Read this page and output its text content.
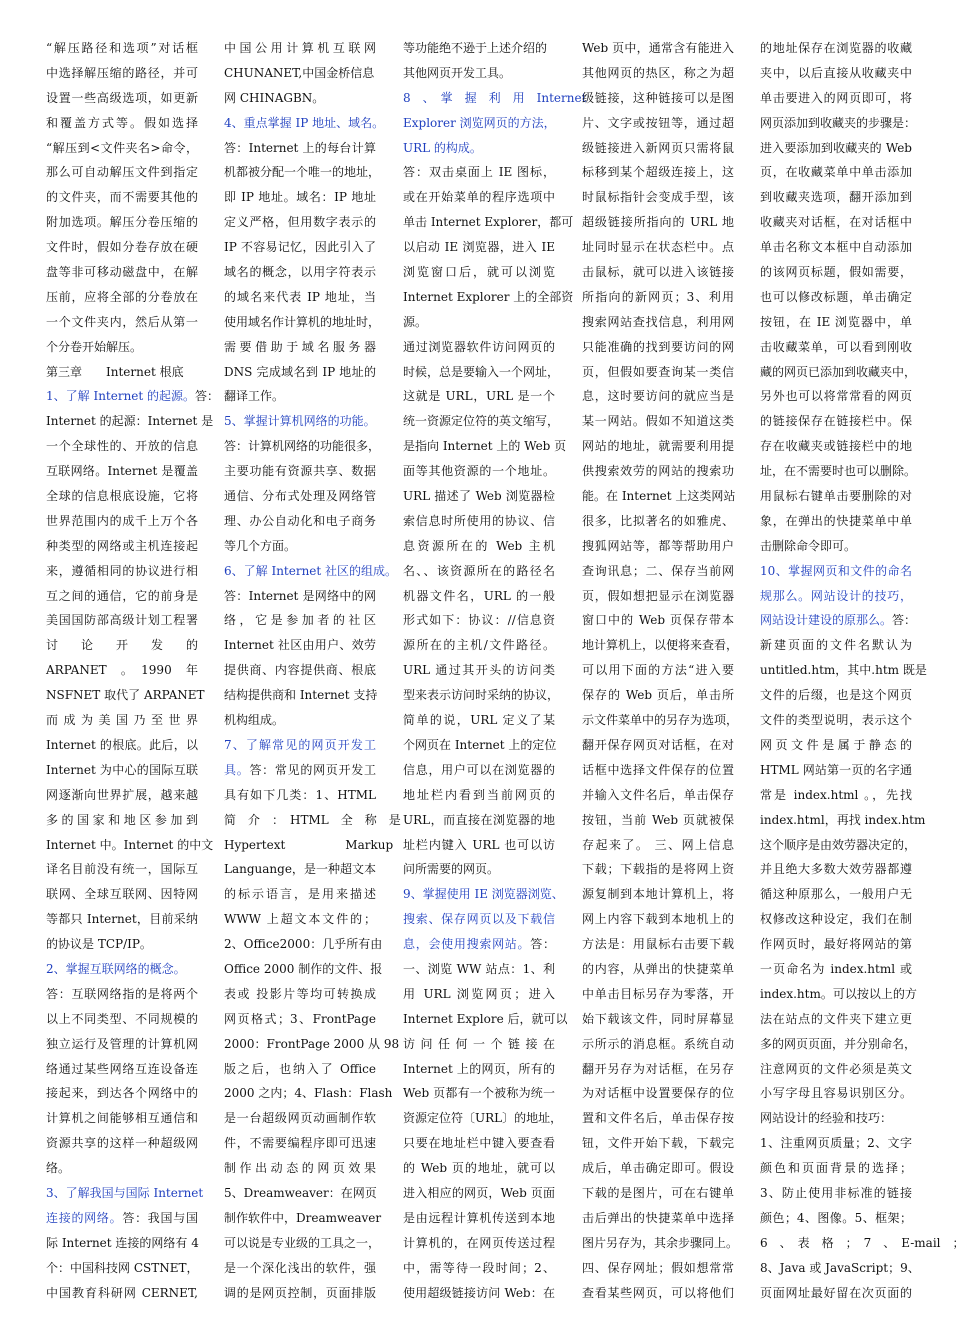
“解压路径和选项”对话框
中选择解压缩的路径，并可
设置一些高级选项，如更新
和覆盖方式等。假如选择
“解压到<文件夹名>命令，
那么可自动解压文件到指定
的文件夹，而不需要其他的
附加选项。解压分卷压缩的
文件时，假如分卷存放在硬
盘等非可移动磁盘中，在解
压前，应将全部的分卷放在
一个文件夹内，然后从第一
个分卷开始解压。
第三章　　Internet 根底
1、了解 Internet 的起源。答：
Internet 的起源：Internet 是
一个全球性的、开放的信息
互联网络。Internet 是覆盖
全球的信息根底设施，它将
世界范围内的成千上万个各
种类型的网络或主机连接起
来，遵循相同的协议进行相
互之间的通信，它的前身是
美国国防部高级计划工程署
讨　论　开　发　的
ARPANET　。　1990　年
NSFNET 取代了 ARPANET
而 成 为 美 国 乃 至 世 界
Internet 的根底。此后，以
Internet 为中心的国际互联
网逐渐向世界扩展，越来越
多的国家和地区参加到
Internet 中。Internet 的中文
译名目前没有统一，国际互
联网、全球互联网、因特网
等都只 Internet，目前采纳
的协议是 TCP/IP。
2、掌握互联网络的概念。
答：互联网络指的是将两个
以上不同类型、不同规模的
独立运行及管理的计算机网
络通过某些网络互连设备连
接起来，到达各个网络中的
计算机之间能够相互通信和
资源共享的这样一种超级网
络。
3、了解我国与国际 Internet
连接的网络。答：我国与国
际 Internet 连接的网络有 4
个：中国科技网 CSTNET，
中国教育科研网 CERNET,
中国公用计算机互联网
CHUNANET,中国金桥信息
网 CHINAGBN。
4、重点掌握 IP 地址、域名。
答：Internet 上的每台计算
机都被分配一个唯一的地址，
即 IP 地址。域名：IP 地址
定义严格，但用数字表示的
IP 不容易记忆，因此引入了
域名的概念，以用字符表示
的域名来代表 IP 地址，当
使用域名作计算机的地址时，
需要借助于域名服务器
DNS 完成域名到 IP 地址的
翻译工作。
5、掌握计算机网络的功能。
答：计算机网络的功能很多，
主要功能有资源共享、数据
通信、分布式处理及网络管
理、办公自动化和电子商务
等几个方面。
6、了解 Internet 社区的组成。
答：Internet 是网络中的网
络，它是参加者的社区
Internet 社区由用户、效劳
提供商、内容提供商、根底
结构提供商和 Internet 支持
机构组成。
7、了解常见的网页开发工
具。答：常见的网页开发工
具有如下几类：1、HTML
简　介　：　HTML　全　称　是
Hypertext　　　　　Markup
Languange，是一种超文本
的标示语言，是用来描述
WWW 上超文本文件的；
2、Office2000：几乎所有由
Office 2000 制作的文件、报
表或 投影片等均可转换成
网页格式；3、FrontPage
2000：FrontPage 2000 从 98
版之后，也纳入了 Office
2000 之内；4、Flash：Flash
是一台超级网页动画制作软
件，不需要编程序即可迅速
制作出动态的网页效果
5、Dreamweaver：在网页
制作软件中，Dreamweaver
可以说是专业级的工具之一，
是一个深化浅出的软件，强
调的是网页控制，页面排版
等功能绝不逊于上述介绍的
其他网页开发工具。
8　、　掌　握　利　用　Internet
Explorer 浏览网页的方法，
URL 的构成。
答：双击桌面上 IE 图标，
或在开始菜单的程序选项中
单击 Internet Explorer，都可
以启动 IE 浏览器，进入 IE
浏览窗口后，就可以浏览
Internet Explorer 上的全部资
源。
通过浏览器软件访问网页的
时候，总是要输入一个网址，
这就是 URL，URL 是一个
统一资源定位符的英文缩写，
是指向 Internet 上的 Web 页
面等其他资源的一个地址。
URL 描述了 Web 浏览器检
索信息时所使用的协议、信
息资源所在的 Web 主机
名、、该资源所在的路径名
机器文件名，URL 的一般
形式如下：协议：//信息资
源所在的主机/文件路径。
URL 通过其开头的访问类
型来表示访问时采纳的协议，
简单的说，URL 定义了某
个网页在 Internet 上的定位
信息，用户可以在浏览器的
地址栏内看到当前网页的
URL，而直接在浏览器的地
址栏内键入 URL 也可以访
问所需要的网页。
9、掌握使用 IE 浏览器浏览、
搜索、保存网页以及下载信
息，会使用搜索网站。答：
一、浏览 WW 站点：1、利
用 URL 浏览网页；进入
Internet Explore 后，就可以
访问任何一个链接在
Internet 上的网页，所有的
Web 页都有一个被称为统一
资源定位符〔URL〕的地址，
只要在地址栏中键入要查看
的 Web 页的地址，就可以
进入相应的网页，Web 页面
是由远程计算机传送到本地
计算机的，在网页传送过程
中，需等待一段时间；2、
使用超级链接访问 Web：在
Web 页中，通常含有能进入
其他网页的热区，称之为超
级链接，这种链接可以是图
片、文字或按钮等，通过超
级链接进入新网页只需将鼠
标移到某个超级连接上，这
时鼠标指针会变成手型，该
超级链接所指向的 URL 地
址同时显示在状态栏中。点
击鼠标，就可以进入该链接
所指向的新网页；3、利用
搜索网站查找信息，利用网
只能准确的找到要访问的网
页，但假如要查询某一类信
息，这时要访问的就应当是
某一网站。假如不知道这类
网站的地址，就需要利用提
供搜索效劳的网站的搜索功
能。在 Internet 上这类网站
很多，比拟著名的如雅虎、
搜狐网站等，都等帮助用户
查询讯息；二、保存当前网
页，假如想把显示在浏览器
窗口中的 Web 页保存带本
地计算机上，以便将来查看，
可以用下面的方法“进入要
保存的 Web 页后，单击所
示文件菜单中的另存为选项，
翻开保存网页对话框，在对
话框中选择文件保存的位置
并输入文件名后，单击保存
按钮，当前 Web 页就被保
存起来了。 三、网上信息
下载；下载指的是将网上资
源复制到本地计算机上，将
网上内容下载到本地机上的
方法是：用鼠标右击要下载
的内容，从弹出的快捷菜单
中单击目标另存为零落，开
始下载该文件，同时屏幕显
示所示的消息框。系统自动
翻开另存为对话框，在另存
为对话框中设置要保存的位
置和文件名后，单击保存按
钮，文件开始下载，下载完
成后，单击确定即可。假设
下载的是图片，可在右键单
击后弹出的快捷菜单中选择
图片另存为，其余步骤同上。
四、保存网址；假如想常常
查看某些网页，可以将他们
的地址保存在浏览器的收藏
夹中，以后直接从收藏夹中
单击要进入的网页即可，将
网页添加到收藏夹的步骤是：
进入要添加到收藏夹的 Web
页，在收藏菜单中单击添加
到收藏夹选项，翻开添加到
收藏夹对话框，在对话框中
单击名称文本框中自动添加
的该网页标题，假如需要，
也可以修改标题，单击确定
按钮，在 IE 浏览器中，单
击收藏菜单，可以看到刚收
藏的网页已添加到收藏夹中，
另外也可以将常常看的网页
的链接保存在链接栏中。保
存在收藏夹或链接栏中的地
址，在不需要时也可以删除。
用鼠标右键单击要删除的对
象，在弹出的快捷菜单中单
击删除命令即可。
10、掌握网页和文件的命名
规那么。网站设计的技巧，
网站设计建设的原那么。答：
新建页面的文件名默认为
untitled.htm，其中.htm 既是
文件的后缀，也是这个网页
文件的类型说明，表示这个
网页文件是属于静态的
HTML 网站第一页的名字通
常是 index.html 。，先找
index.html，再找 index.htm
这个顺序是由效劳器决定的，
并且绝大多数大效劳器都遵
循这种原那么，一般用户无
权修改这种设定，我们在制
作网页时，最好将网站的第
一页命名为 index.html 或
index.htm。可以按以上的方
法在站点的文件夹下建立更
多的网页页面，并分别命名，
注意网页的文件必须是英文
小写字母且容易识别区分。
网站设计的经验和技巧：
1、注重网页质量；2、文字
颜色和页面背景的选择；
3、防止使用非标准的链接
颜色；4、图像。5、框架；
6　、　表　格　；　7　、　E-mail　；
8、Java 或 JavaScript；9、
页面网址最好留在次页面的
